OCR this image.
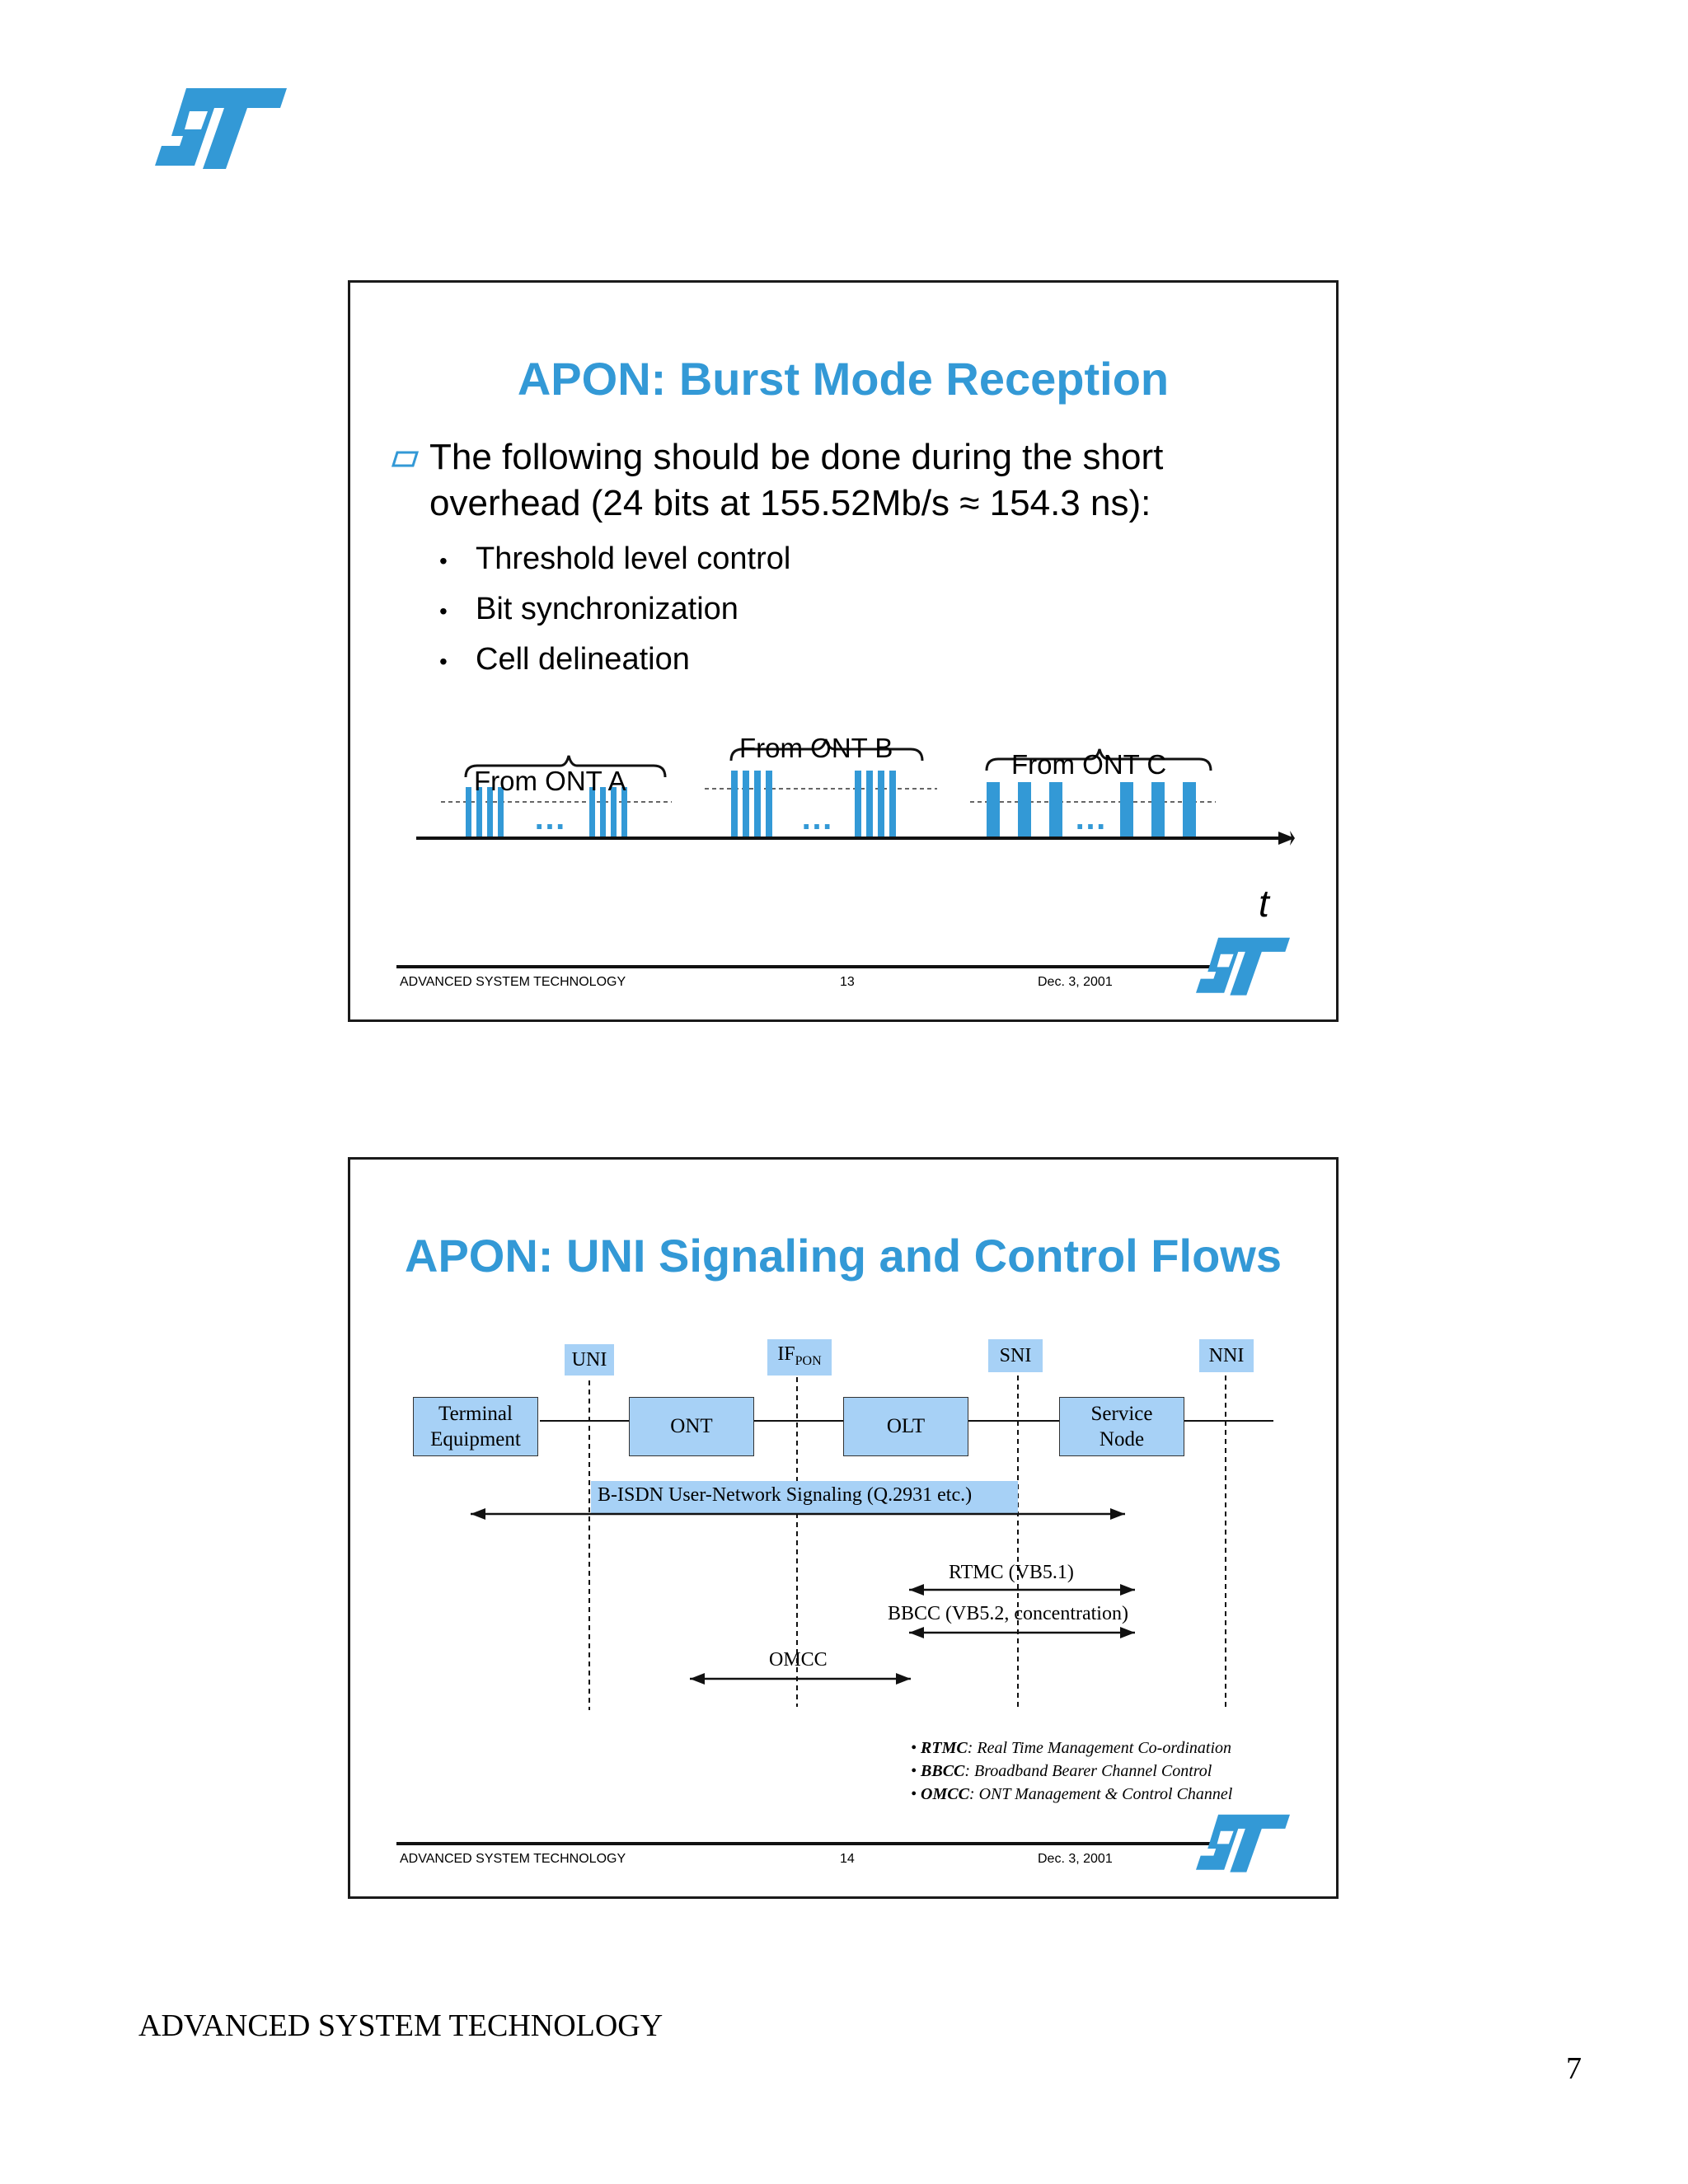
APON: Burst Mode Reception
The following should be done during the short
overhead (24 bits at 155.52Mb/s ≈ 154.3 ns):
• Threshold level control
• Bit synchronization
• Cell delineation
From ONT A
From ONT B
From ONT C
…	…	…
t
ADVANCED SYSTEM TECHNOLOGY	13	Dec. 3, 2001
APON: UNI Signaling and Control Flows
UNI	$IF_{PON}$	SNI	NNI
Terminal
Equipment
ONT	OLT
Service
Node
B-ISDN User-Network Signaling (Q.2931 etc.)
RTMC (VB5.1)
BBCC (VB5.2, concentration)
OMCC
• RTMC: Real Time Management Co-ordination
• BBCC: Broadband Bearer Channel Control
• OMCC: ONT Management & Control Channel
ADVANCED SYSTEM TECHNOLOGY	14	Dec. 3, 2001
ADVANCED SYSTEM TECHNOLOGY
7
